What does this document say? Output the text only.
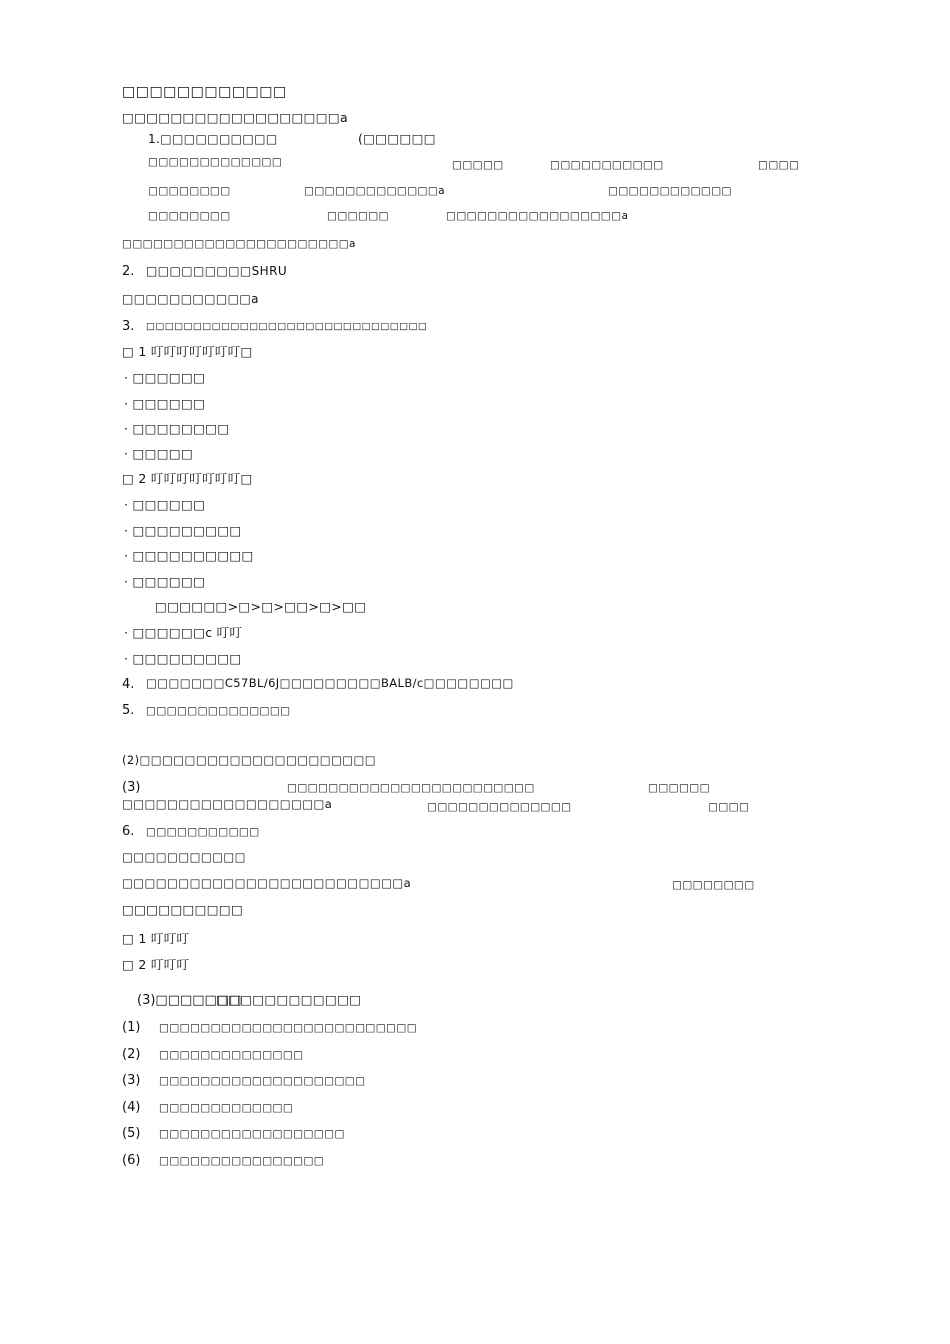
□□□□□□□□□□□□
□□□□□□□□□□□□□□□□□□a
1.□□□□□□□□□□	(□□□□□□
□□□□□□□□□□□□□	□□□□□	□□□□□□□□□□□	□□□□
□□□□□□□□	□□□□□□□□□□□□□a	□□□□□□□□□□□□
□□□□□□□□	□□□□□□	□□□□□□□□□□□□□□□□□a
□□□□□□□□□□□□□□□□□□□□□□a
2. □□□□□□□□□SHRU
□□□□□□□□□□□a
3. □□□□□□□□□□□□□□□□□□□□□□□□□□□□□□
□ 1 叮叮叮叮叮叮叮□
· □□□□□□
· □□□□□□
· □□□□□□□□
· □□□□□
□ 2 叮叮叮叮叮叮叮□
· □□□□□□
· □□□□□□□□□
· □□□□□□□□□□
· □□□□□□
□□□□□□>□>□>□□>□>□□
· □□□□□□c 叮叮
· □□□□□□□□□
4. □□□□□□□C57BL/6J□□□□□□□□□BALB/c□□□□□□□□
5. □□□□□□□□□□□□□□
(2)□□□□□□□□□□□□□□□□□□□□□
(3)	□□□□□□□□□□□□□□□□□□□□□□□□	□□□□□□
□□□□□□□□□□□□□□□□□□a	□□□□□□□□□□□□□□	□□□□
6. □□□□□□□□□□□
□□□□□□□□□□□
□□□□□□□□□□□□□□□□□□□□□□□□□a	□□□□□□□□
□□□□□□□□□□
□ 1 叮叮叮
□ 2 叮叮叮
(3)□□□□□□□
□□□□□□□□□□□□
(1) □□□□□□□□□□□□□□□□□□□□□□□□□
(2) □□□□□□□□□□□□□□
(3) □□□□□□□□□□□□□□□□□□□□
(4) □□□□□□□□□□□□□
(5) □□□□□□□□□□□□□□□□□□
(6) □□□□□□□□□□□□□□□□
